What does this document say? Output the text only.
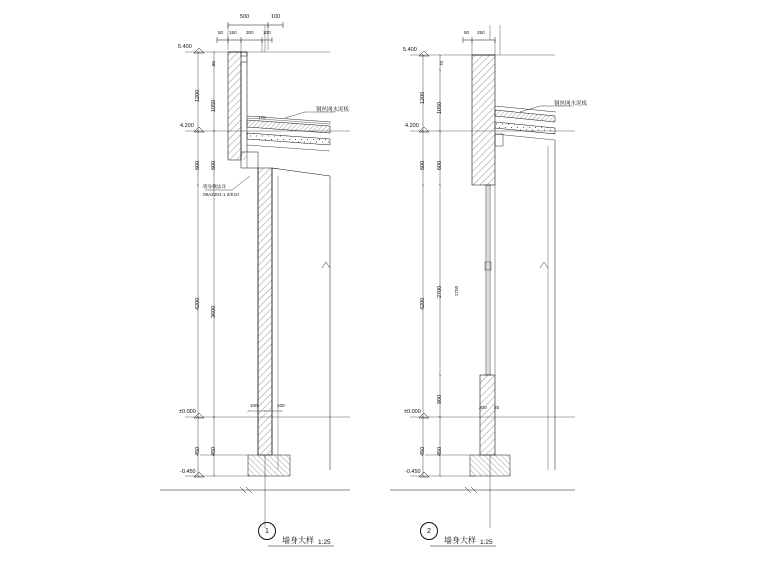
500	100
50 150 300 100
5.400
4.200
±0.000
-0.450
1200
600
4200
450
1050
600
3600
450
80
170
100	100
钢丝网水泥板
墙身做法详
09A2201-1 2/K10
50 250
70
5.400
4.200
±0.000
-0.450
1200
600
4200
450
1050
600
2700
900
450
2700
200 25
钢丝网水泥板
1
墙身大样 1:25
2
墙身大样 1:25
